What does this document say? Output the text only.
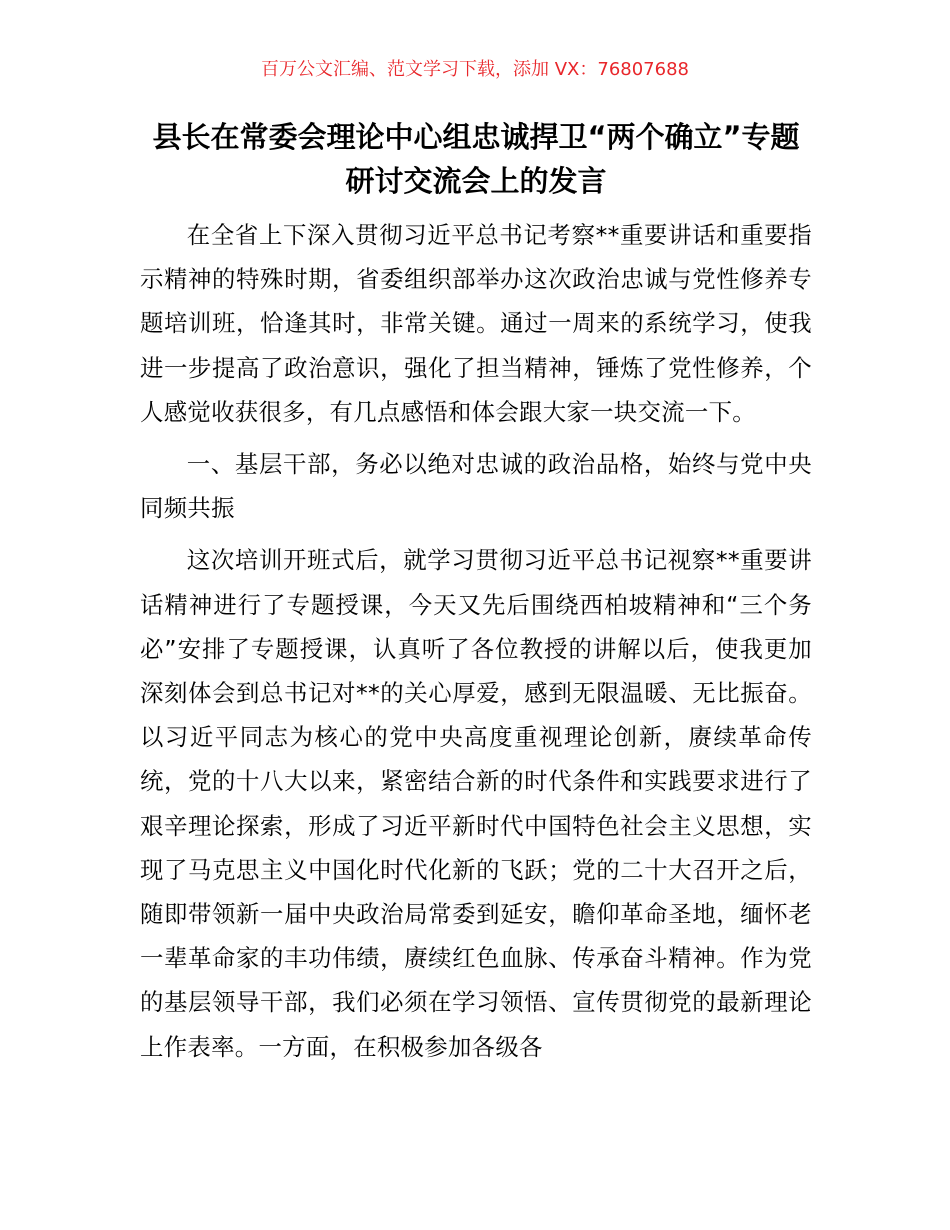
百万公文汇编、范文学习下载，添加 VX：76807688
县长在常委会理论中心组忠诚捍卫“两个确立”专题研讨交流会上的发言

在全省上下深入贯彻习近平总书记考察**重要讲话和重要指示精神的特殊时期，省委组织部举办这次政治忠诚与党性修养专题培训班，恰逢其时，非常关键。通过一周来的系统学习，使我进一步提高了政治意识，强化了担当精神，锤炼了党性修养，个人感觉收获很多，有几点感悟和体会跟大家一块交流一下。

一、基层干部，务必以绝对忠诚的政治品格，始终与党中央同频共振

这次培训开班式后，就学习贯彻习近平总书记视察**重要讲话精神进行了专题授课，今天又先后围绕西柏坡精神和“三个务必”安排了专题授课，认真听了各位教授的讲解以后，使我更加深刻体会到总书记对**的关心厚爱，感到无限温暖、无比振奋。以习近平同志为核心的党中央高度重视理论创新，赓续革命传统，党的十八大以来，紧密结合新的时代条件和实践要求进行了艰辛理论探索，形成了习近平新时代中国特色社会主义思想，实现了马克思主义中国化时代化新的飞跃；党的二十大召开之后，随即带领新一届中央政治局常委到延安，瞻仰革命圣地，缅怀老一辈革命家的丰功伟绩，赓续红色血脉、传承奋斗精神。作为党的基层领导干部，我们必须在学习领悟、宣传贯彻党的最新理论上作表率。一方面，在积极参加各级各
